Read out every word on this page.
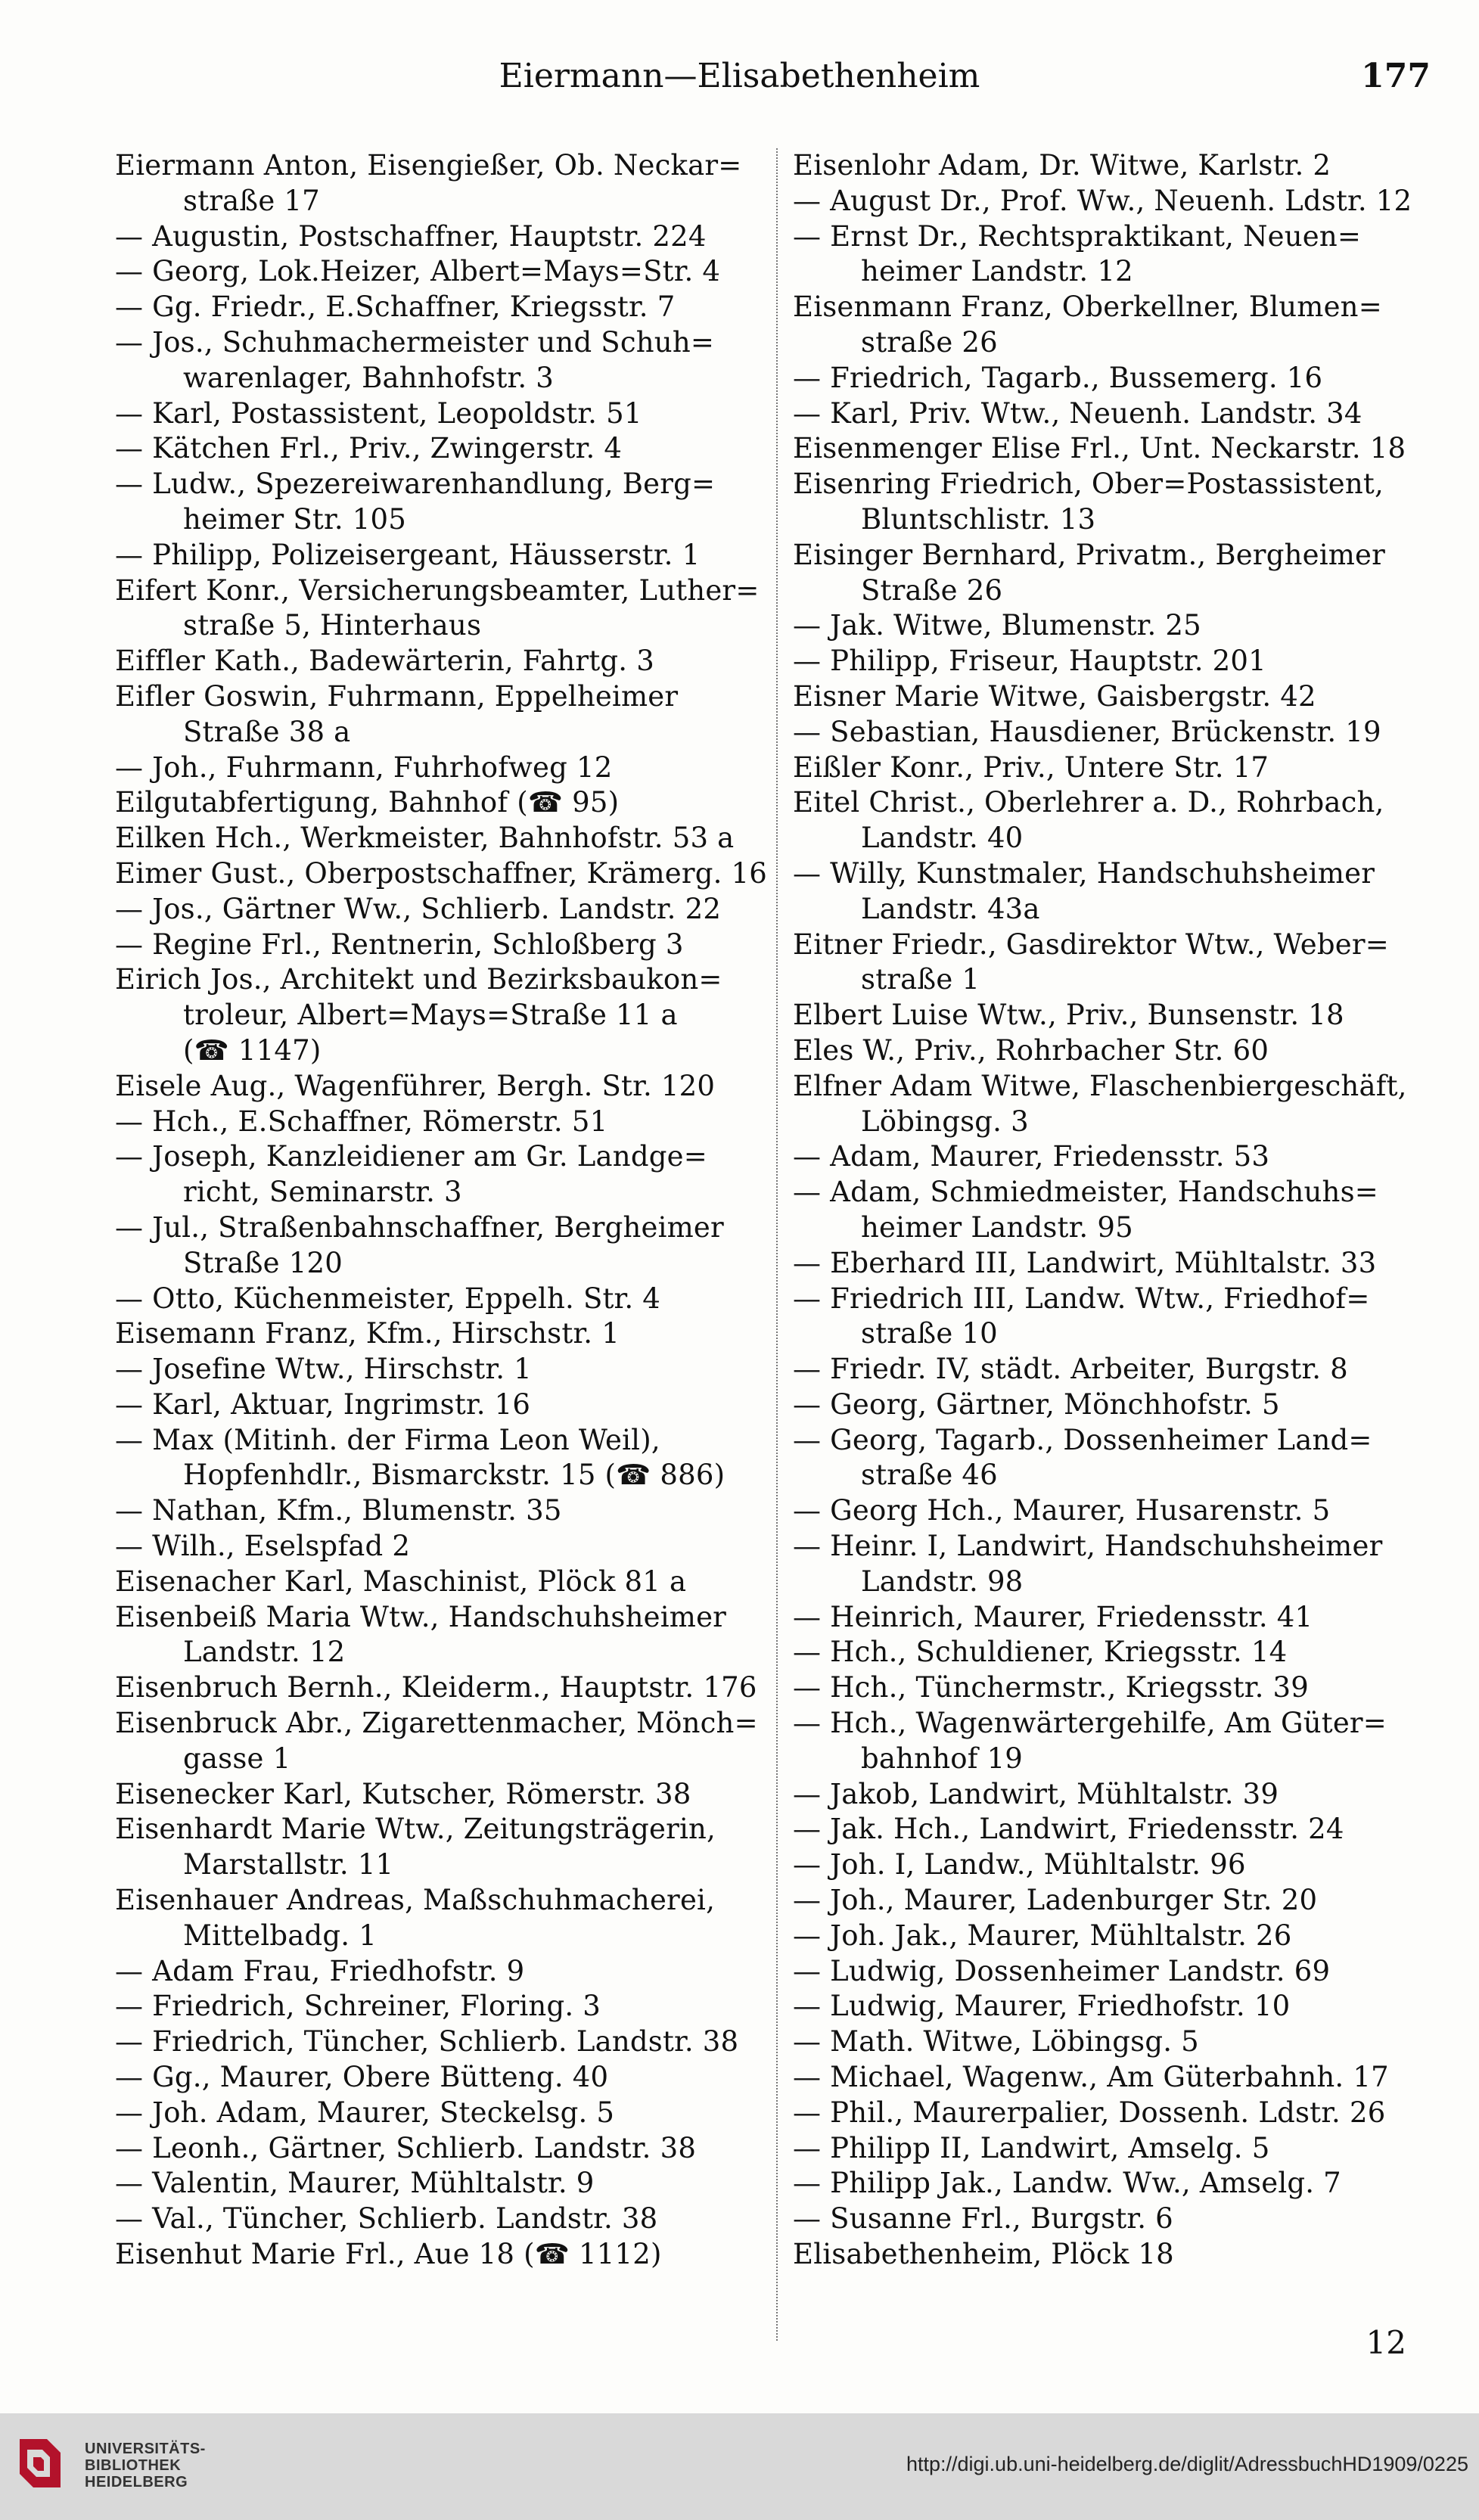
Eiermann—Elisabethenheim	177
Eiermann Anton, Eisengießer, Ob. Neckar=
straße 17
— Augustin, Postschaffner, Hauptstr. 224
— Georg, Lok.Heizer, Albert=Mays=Str. 4
— Gg. Friedr., E.Schaffner, Kriegsstr. 7
— Jos., Schuhmachermeister und Schuh=
warenlager, Bahnhofstr. 3
— Karl, Postassistent, Leopoldstr. 51
— Kätchen Frl., Priv., Zwingerstr. 4
— Ludw., Spezereiwarenhandlung, Berg=
heimer Str. 105
— Philipp, Polizeisergeant, Häusserstr. 1
Eifert Konr., Versicherungsbeamter, Luther=
straße 5, Hinterhaus
Eiffler Kath., Badewärterin, Fahrtg. 3
Eifler Goswin, Fuhrmann, Eppelheimer
Straße 38 a
— Joh., Fuhrmann, Fuhrhofweg 12
Eilgutabfertigung, Bahnhof (☎ 95)
Eilken Hch., Werkmeister, Bahnhofstr. 53 a
Eimer Gust., Oberpostschaffner, Krämerg. 16
— Jos., Gärtner Ww., Schlierb. Landstr. 22
— Regine Frl., Rentnerin, Schloßberg 3
Eirich Jos., Architekt und Bezirksbaukon=
troleur, Albert=Mays=Straße 11 a
(☎ 1147)
Eisele Aug., Wagenführer, Bergh. Str. 120
— Hch., E.Schaffner, Römerstr. 51
— Joseph, Kanzleidiener am Gr. Landge=
richt, Seminarstr. 3
— Jul., Straßenbahnschaffner, Bergheimer
Straße 120
— Otto, Küchenmeister, Eppelh. Str. 4
Eisemann Franz, Kfm., Hirschstr. 1
— Josefine Wtw., Hirschstr. 1
— Karl, Aktuar, Ingrimstr. 16
— Max (Mitinh. der Firma Leon Weil),
Hopfenhdlr., Bismarckstr. 15 (☎ 886)
— Nathan, Kfm., Blumenstr. 35
— Wilh., Eselspfad 2
Eisenacher Karl, Maschinist, Plöck 81 a
Eisenbeiß Maria Wtw., Handschuhsheimer
Landstr. 12
Eisenbruch Bernh., Kleiderm., Hauptstr. 176
Eisenbruck Abr., Zigarettenmacher, Mönch=
gasse 1
Eisenecker Karl, Kutscher, Römerstr. 38
Eisenhardt Marie Wtw., Zeitungsträgerin,
Marstallstr. 11
Eisenhauer Andreas, Maßschuhmacherei,
Mittelbadg. 1
— Adam Frau, Friedhofstr. 9
— Friedrich, Schreiner, Floring. 3
— Friedrich, Tüncher, Schlierb. Landstr. 38
— Gg., Maurer, Obere Bütteng. 40
— Joh. Adam, Maurer, Steckelsg. 5
— Leonh., Gärtner, Schlierb. Landstr. 38
— Valentin, Maurer, Mühltalstr. 9
— Val., Tüncher, Schlierb. Landstr. 38
Eisenhut Marie Frl., Aue 18 (☎ 1112)
Eisenlohr Adam, Dr. Witwe, Karlstr. 2
— August Dr., Prof. Ww., Neuenh. Ldstr. 12
— Ernst Dr., Rechtspraktikant, Neuen=
heimer Landstr. 12
Eisenmann Franz, Oberkellner, Blumen=
straße 26
— Friedrich, Tagarb., Bussemerg. 16
— Karl, Priv. Wtw., Neuenh. Landstr. 34
Eisenmenger Elise Frl., Unt. Neckarstr. 18
Eisenring Friedrich, Ober=Postassistent,
Bluntschlistr. 13
Eisinger Bernhard, Privatm., Bergheimer
Straße 26
— Jak. Witwe, Blumenstr. 25
— Philipp, Friseur, Hauptstr. 201
Eisner Marie Witwe, Gaisbergstr. 42
— Sebastian, Hausdiener, Brückenstr. 19
Eißler Konr., Priv., Untere Str. 17
Eitel Christ., Oberlehrer a. D., Rohrbach,
Landstr. 40
— Willy, Kunstmaler, Handschuhsheimer
Landstr. 43a
Eitner Friedr., Gasdirektor Wtw., Weber=
straße 1
Elbert Luise Wtw., Priv., Bunsenstr. 18
Eles W., Priv., Rohrbacher Str. 60
Elfner Adam Witwe, Flaschenbiergeschäft,
Löbingsg. 3
— Adam, Maurer, Friedensstr. 53
— Adam, Schmiedmeister, Handschuhs=
heimer Landstr. 95
— Eberhard III, Landwirt, Mühltalstr. 33
— Friedrich III, Landw. Wtw., Friedhof=
straße 10
— Friedr. IV, städt. Arbeiter, Burgstr. 8
— Georg, Gärtner, Mönchhofstr. 5
— Georg, Tagarb., Dossenheimer Land=
straße 46
— Georg Hch., Maurer, Husarenstr. 5
— Heinr. I, Landwirt, Handschuhsheimer
Landstr. 98
— Heinrich, Maurer, Friedensstr. 41
— Hch., Schuldiener, Kriegsstr. 14
— Hch., Tünchermstr., Kriegsstr. 39
— Hch., Wagenwärtergehilfe, Am Güter=
bahnhof 19
— Jakob, Landwirt, Mühltalstr. 39
— Jak. Hch., Landwirt, Friedensstr. 24
— Joh. I, Landw., Mühltalstr. 96
— Joh., Maurer, Ladenburger Str. 20
— Joh. Jak., Maurer, Mühltalstr. 26
— Ludwig, Dossenheimer Landstr. 69
— Ludwig, Maurer, Friedhofstr. 10
— Math. Witwe, Löbingsg. 5
— Michael, Wagenw., Am Güterbahnh. 17
— Phil., Maurerpalier, Dossenh. Ldstr. 26
— Philipp II, Landwirt, Amselg. 5
— Philipp Jak., Landw. Ww., Amselg. 7
— Susanne Frl., Burgstr. 6
Elisabethenheim, Plöck 18
12
UNIVERSITÄTS-
BIBLIOTHEK
HEIDELBERG
http://digi.ub.uni-heidelberg.de/diglit/AdressbuchHD1909/0225
